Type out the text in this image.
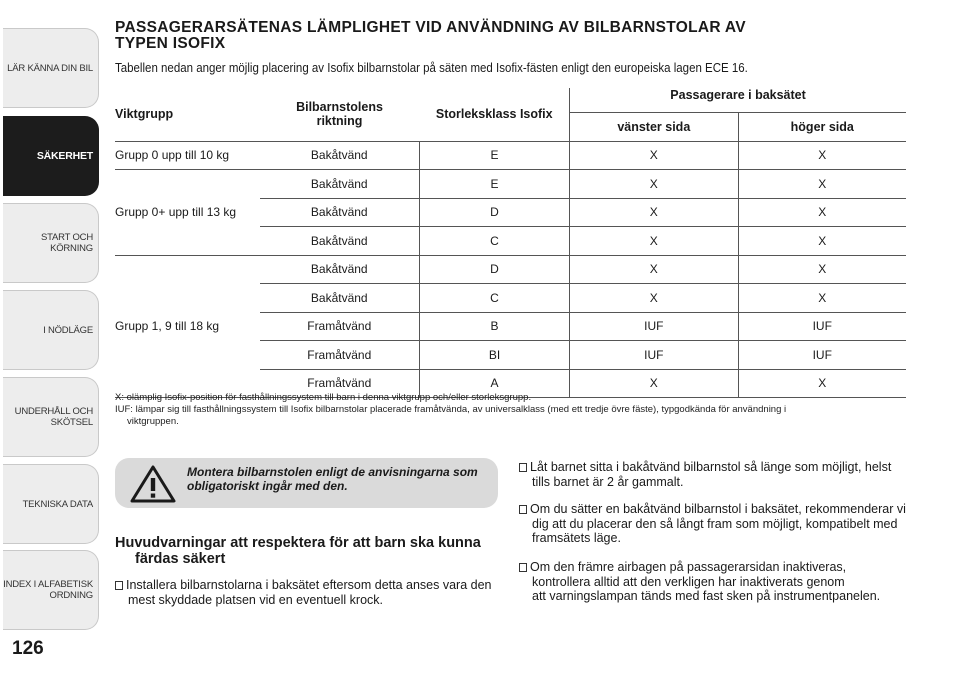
LÄR KÄNNA DIN BIL
SÄKERHET
START OCH
KÖRNING
I NÖDLÄGE
UNDERHÅLL OCH
SKÖTSEL
TEKNISKA DATA
INDEX I ALFABETISK
ORDNING
126
PASSAGERARSÄTENAS LÄMPLIGHET VID ANVÄNDNING AV BILBARNSTOLAR AV
TYPEN ISOFIX
Tabellen nedan anger möjlig placering av Isofix bilbarnstolar på säten med Isofix-fästen enligt den europeiska lagen ECE 16.
Viktgrupp	Bilbarnstolens riktning	Storleksklass Isofix	Passagerare i baksätet	
			vänster sida	höger sida
Grupp 0 upp till 10 kg	Bakåtvänd	E	X	X
Grupp 0+ upp till 13 kg	Bakåtvänd	E	X	X
	Bakåtvänd	D	X	X
	Bakåtvänd	C	X	X
Grupp 1, 9 till 18 kg	Bakåtvänd	D	X	X
	Bakåtvänd	C	X	X
	Framåtvänd	B	IUF	IUF
	Framåtvänd	BI	IUF	IUF
	Framåtvänd	A	X	X

X: olämplig Isofix-position för fasthållningssystem till barn i denna viktgrupp och/eller storleksgrupp.

IUF: lämpar sig till fasthållningssystem till Isofix bilbarnstolar placerade framåtvända, av universalklass (med ett tredje övre fäste), typgodkända för användning i

viktgruppen.

Montera bilbarnstolen enligt de anvisningarna som
obligatoriskt ingår med den.
Huvudvarningar att respektera för att barn ska kunna
färdas säkert
Installera bilbarnstolarna i baksätet eftersom detta anses vara den
mest skyddade platsen vid en eventuell krock.
Låt barnet sitta i bakåtvänd bilbarnstol så länge som möjligt, helst
tills barnet är 2 år gammalt.
Om du sätter en bakåtvänd bilbarnstol i baksätet, rekommenderar vi
dig att du placerar den så långt fram som möjligt, kompatibelt med
framsätets läge.
Om den främre airbagen på passagerarsidan inaktiveras,
kontrollera alltid att den verkligen har inaktiverats genom
att varningslampan tänds med fast sken på instrumentpanelen.
